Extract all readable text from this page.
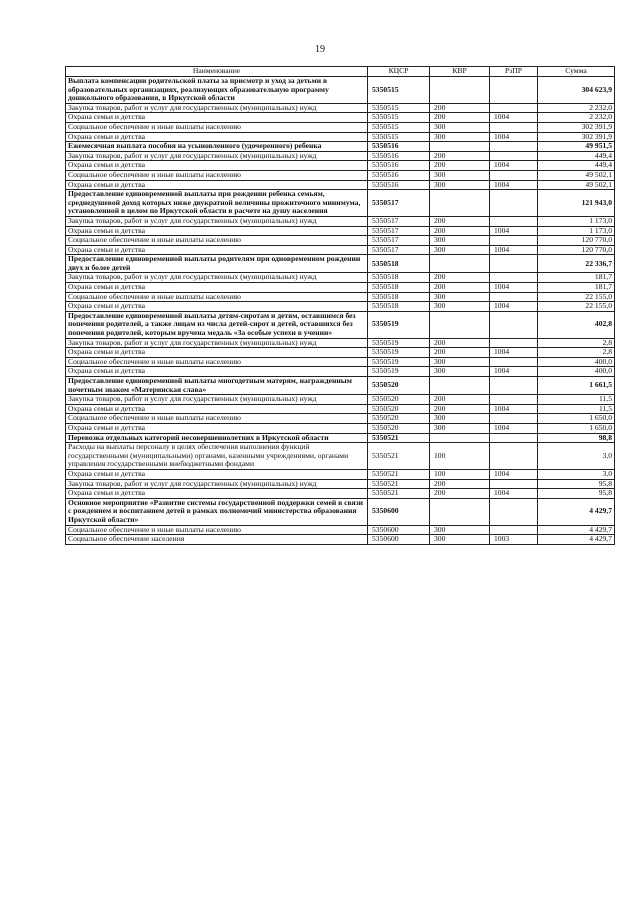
19
Наименование	КЦСР	КВР	РзПР	Сумма
Выплата компенсации родительской платы за присмотр и уход за детьми в образовательных организациях, реализующих образовательную программу дошкольного образования, в Иркутской области	5350515			304 623,9
Закупка товаров, работ и услуг для государственных (муниципальных) нужд	5350515	200		2 232,0
Охрана семьи и детства	5350515	200	1004	2 232,0
Социальное обеспечение и иные выплаты населению	5350515	300		302 391,9
Охрана семьи и детства	5350515	300	1004	302 391,9
Ежемесячная выплата пособия на усыновленного (удочеренного) ребенка	5350516			49 951,5
Закупка товаров, работ и услуг для государственных (муниципальных) нужд	5350516	200		449,4
Охрана семьи и детства	5350516	200	1004	449,4
Социальное обеспечение и иные выплаты населению	5350516	300		49 502,1
Охрана семьи и детства	5350516	300	1004	49 502,1
Предоставление единовременной выплаты при рождении ребенка семьям, среднедушевой доход которых ниже двукратной величины прожиточного минимума, установленной в целом по Иркутской области в расчете на душу населения	5350517			121 943,0
Закупка товаров, работ и услуг для государственных (муниципальных) нужд	5350517	200		1 173,0
Охрана семьи и детства	5350517	200	1004	1 173,0
Социальное обеспечение и иные выплаты населению	5350517	300		120 770,0
Охрана семьи и детства	5350517	300	1004	120 770,0
Предоставление единовременной выплаты родителям при одновременном рождении двух и более детей	5350518			22 336,7
Закупка товаров, работ и услуг для государственных (муниципальных) нужд	5350518	200		181,7
Охрана семьи и детства	5350518	200	1004	181,7
Социальное обеспечение и иные выплаты населению	5350518	300		22 155,0
Охрана семьи и детства	5350518	300	1004	22 155,0
Предоставление единовременной выплаты детям-сиротам и детям, оставшимся без попечения родителей, а также лицам из числа детей-сирот и детей, оставшихся без попечения родителей, которым вручена медаль «За особые успехи в учении»	5350519			402,8
Закупка товаров, работ и услуг для государственных (муниципальных) нужд	5350519	200		2,8
Охрана семьи и детства	5350519	200	1004	2,8
Социальное обеспечение и иные выплаты населению	5350519	300		400,0
Охрана семьи и детства	5350519	300	1004	400,0
Предоставление единовременной выплаты многодетным матерям, награжденным почетным знаком «Материнская слава»	5350520			1 661,5
Закупка товаров, работ и услуг для государственных (муниципальных) нужд	5350520	200		11,5
Охрана семьи и детства	5350520	200	1004	11,5
Социальное обеспечение и иные выплаты населению	5350520	300		1 650,0
Охрана семьи и детства	5350520	300	1004	1 650,0
Перевозка отдельных категорий несовершеннолетних в Иркутской области	5350521			98,8
Расходы на выплаты персоналу в целях обеспечения выполнения функций государственными (муниципальными) органами, казенными учреждениями, органами управления государственными внебюджетными фондами	5350521	100		3,0
Охрана семьи и детства	5350521	100	1004	3,0
Закупка товаров, работ и услуг для государственных (муниципальных) нужд	5350521	200		95,8
Охрана семьи и детства	5350521	200	1004	95,8
Основное мероприятие «Развитие системы государственной поддержки семей в связи с рождением и воспитанием детей в рамках полномочий министерства образования Иркутской области»	5350600			4 429,7
Социальное обеспечение и иные выплаты населению	5350600	300		4 429,7
Социальное обеспечение населения	5350600	300	1003	4 429,7
